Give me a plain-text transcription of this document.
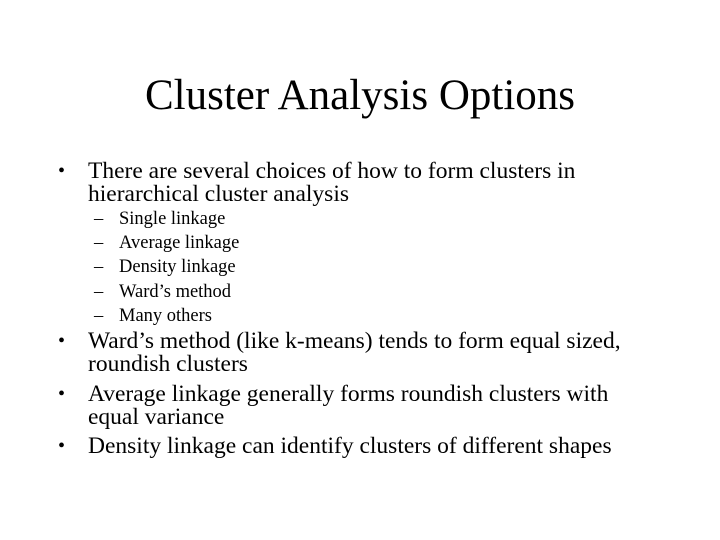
Cluster Analysis Options
• There are several choices of how to form clusters in
hierarchical cluster analysis
– Single linkage
– Average linkage
– Density linkage
– Ward’s method
– Many others
• Ward’s method (like k-means) tends to form equal sized,
roundish clusters
• Average linkage generally forms roundish clusters with
equal variance
• Density linkage can identify clusters of different shapes
